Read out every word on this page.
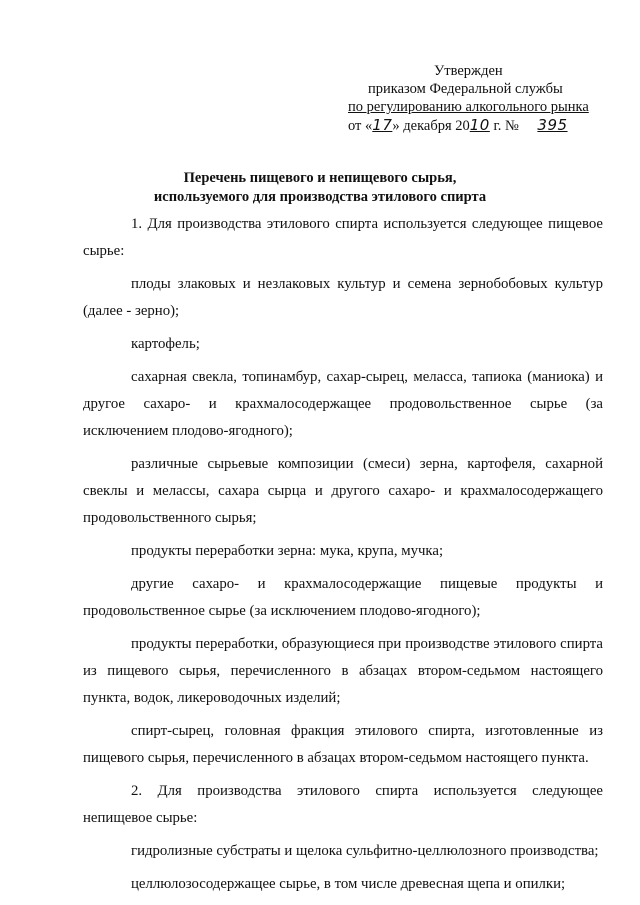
Утвержден
приказом Федеральной службы
по регулированию алкогольного рынка
от «17» декабря 2010 г. № 395
Перечень пищевого и непищевого сырья,
используемого для производства этилового спирта

1. Для производства этилового спирта используется следующее пищевое сырье:

плоды злаковых и незлаковых культур и семена зернобобовых культур (далее - зерно);

картофель;

сахарная свекла, топинамбур, сахар-сырец, меласса, тапиока (маниока) и другое сахаро- и крахмалосодержащее продовольственное сырье (за исключением плодово-ягодного);

различные сырьевые композиции (смеси) зерна, картофеля, сахарной свеклы и мелассы, сахара сырца и другого сахаро- и крахмалосодержащего продовольственного сырья;

продукты переработки зерна: мука, крупа, мучка;

другие сахаро- и крахмалосодержащие пищевые продукты и продовольственное сырье (за исключением плодово-ягодного);

продукты переработки, образующиеся при производстве этилового спирта из пищевого сырья, перечисленного в абзацах втором-седьмом настоящего пункта, водок, ликероводочных изделий;

спирт-сырец, головная фракция этилового спирта, изготовленные из пищевого сырья, перечисленного в абзацах втором-седьмом настоящего пункта.

2. Для производства этилового спирта используется следующее непищевое сырье:

гидролизные субстраты и щелока сульфитно-целлюлозного производства;

целлюлозосодержащее сырье, в том числе древесная щепа и опилки;
